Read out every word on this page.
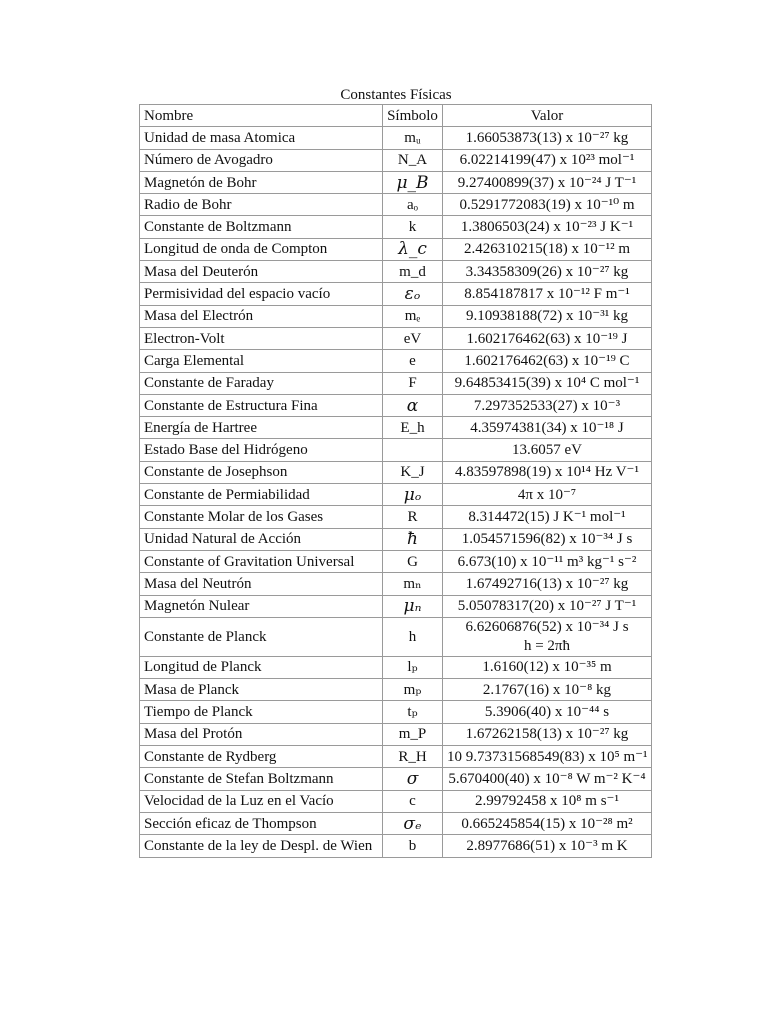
Constantes Físicas
Nombre	Símbolo	Valor
Unidad de masa Atomica	mᵤ	1.66053873(13) x 10⁻²⁷ kg
Número de Avogadro	N_A	6.02214199(47) x 10²³ mol⁻¹
Magnetón de Bohr	μ_B	9.27400899(37) x 10⁻²⁴ J T⁻¹
Radio de Bohr	aₒ	0.5291772083(19) x 10⁻¹⁰ m
Constante de Boltzmann	k	1.3806503(24) x 10⁻²³ J K⁻¹
Longitud de onda de Compton	λ_c	2.426310215(18) x 10⁻¹² m
Masa del Deuterón	m_d	3.34358309(26) x 10⁻²⁷ kg
Permisividad del espacio vacío	εₒ	8.854187817 x 10⁻¹² F m⁻¹
Masa del Electrón	mₑ	9.10938188(72) x 10⁻³¹ kg
Electron-Volt	eV	1.602176462(63) x 10⁻¹⁹ J
Carga Elemental	e	1.602176462(63) x 10⁻¹⁹ C
Constante de Faraday	F	9.64853415(39) x 10⁴ C mol⁻¹
Constante de Estructura Fina	α	7.297352533(27) x 10⁻³
Energía de Hartree	E_h	4.35974381(34) x 10⁻¹⁸ J
Estado Base del Hidrógeno		13.6057 eV
Constante de Josephson	K_J	4.83597898(19) x 10¹⁴ Hz V⁻¹
Constante de Permiabilidad	μₒ	4π x 10⁻⁷
Constante Molar de los Gases	R	8.314472(15) J K⁻¹ mol⁻¹
Unidad Natural de Acción	ħ	1.054571596(82) x 10⁻³⁴ J s
Constante of Gravitation Universal	G	6.673(10) x 10⁻¹¹ m³ kg⁻¹ s⁻²
Masa del Neutrón	mₙ	1.67492716(13) x 10⁻²⁷ kg
Magnetón Nulear	μₙ	5.05078317(20) x 10⁻²⁷ J T⁻¹
Constante de Planck	h	6.62606876(52) x 10⁻³⁴ J s
h = 2πħ

Longitud de Planck	lₚ	1.6160(12) x 10⁻³⁵ m
Masa de Planck	mₚ	2.1767(16) x 10⁻⁸ kg
Tiempo de Planck	tₚ	5.3906(40) x 10⁻⁴⁴ s
Masa del Protón	m_P	1.67262158(13) x 10⁻²⁷ kg
Constante de Rydberg	R_H	10 9.73731568549(83) x 10⁵ m⁻¹
Constante de Stefan Boltzmann	σ	5.670400(40) x 10⁻⁸ W m⁻² K⁻⁴
Velocidad de la Luz en el Vacío	c	2.99792458 x 10⁸ m s⁻¹
Sección eficaz de Thompson	σₑ	0.665245854(15) x 10⁻²⁸ m²
Constante de la ley de Despl. de Wien	b	2.8977686(51) x 10⁻³ m K
